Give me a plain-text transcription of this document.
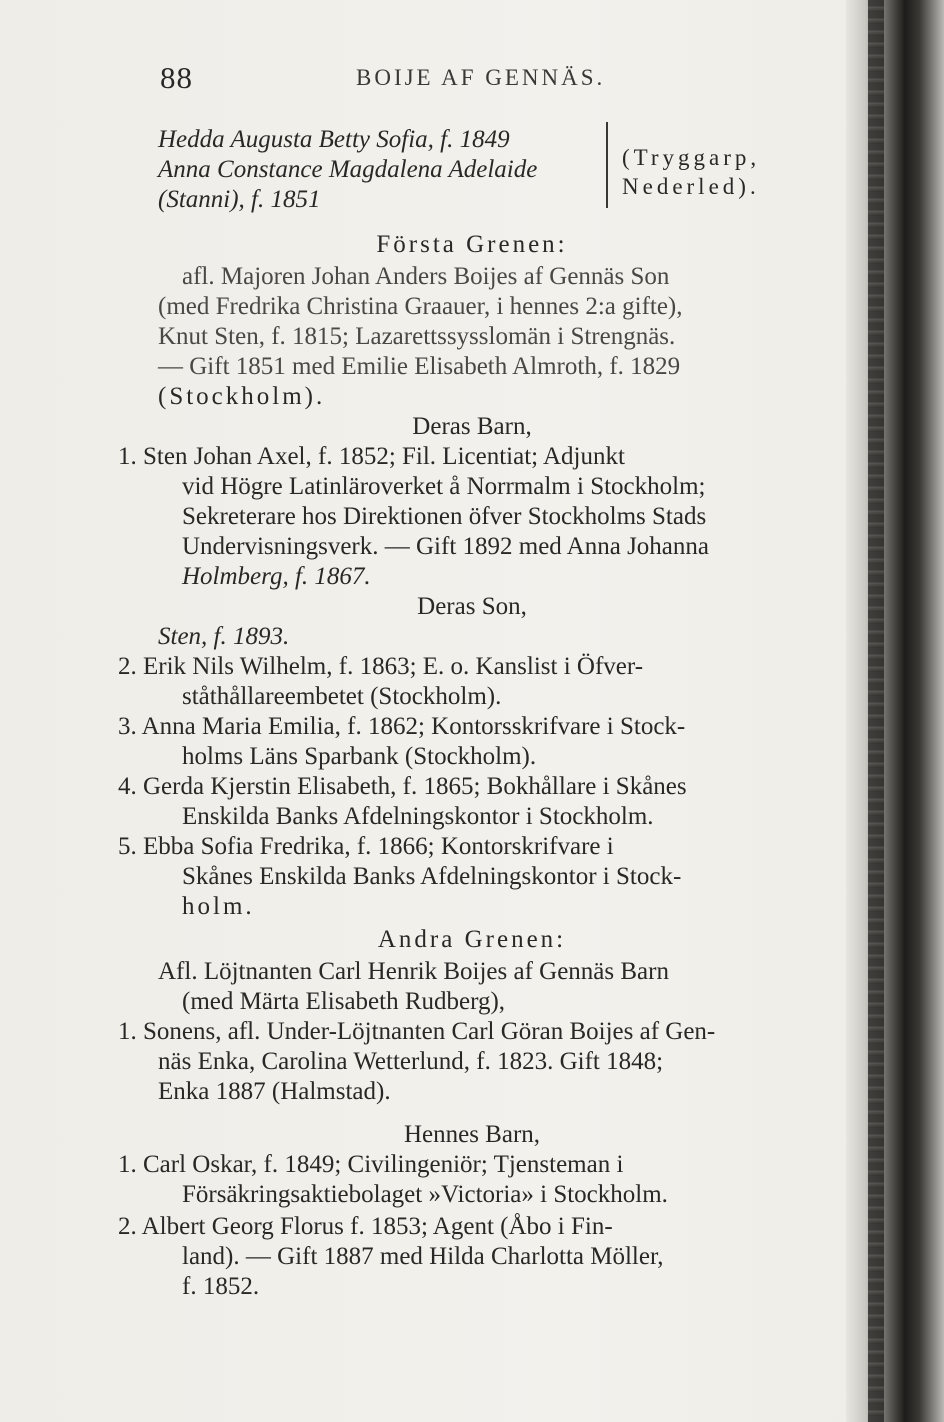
88	BOIJE AF GENNÄS.
Hedda Augusta Betty Sofia, f. 1849
Anna Constance Magdalena Adelaide
(Stanni), f. 1851
(Tryggarp,
Nederled).
Första Grenen:
afl. Majoren Johan Anders Boijes af Gennäs Son
(med Fredrika Christina Graauer, i hennes 2:a gifte),
Knut Sten, f. 1815; Lazarettssysslomän i Strengnäs.
— Gift 1851 med Emilie Elisabeth Almroth, f. 1829
(Stockholm).
Deras Barn,
1. Sten Johan Axel, f. 1852; Fil. Licentiat; Adjunkt
vid Högre Latinläroverket å Norrmalm i Stockholm;
Sekreterare hos Direktionen öfver Stockholms Stads
Undervisningsverk. — Gift 1892 med Anna Johanna
Holmberg, f. 1867.
Deras Son,
Sten, f. 1893.
2. Erik Nils Wilhelm, f. 1863; E. o. Kanslist i Öfver-
ståthållareembetet (Stockholm).
3. Anna Maria Emilia, f. 1862; Kontorsskrifvare i Stock-
holms Läns Sparbank (Stockholm).
4. Gerda Kjerstin Elisabeth, f. 1865; Bokhållare i Skånes
Enskilda Banks Afdelningskontor i Stockholm.
5. Ebba Sofia Fredrika, f. 1866; Kontorskrifvare i
Skånes Enskilda Banks Afdelningskontor i Stock-
holm.
Andra Grenen:
Afl. Löjtnanten Carl Henrik Boijes af Gennäs Barn
(med Märta Elisabeth Rudberg),
1. Sonens, afl. Under-Löjtnanten Carl Göran Boijes af Gen-
näs Enka, Carolina Wetterlund, f. 1823. Gift 1848;
Enka 1887 (Halmstad).
Hennes Barn,
1. Carl Oskar, f. 1849; Civilingeniör; Tjensteman i
Försäkringsaktiebolaget »Victoria» i Stockholm.
2. Albert Georg Florus f. 1853; Agent (Åbo i Fin-
land). — Gift 1887 med Hilda Charlotta Möller,
f. 1852.
